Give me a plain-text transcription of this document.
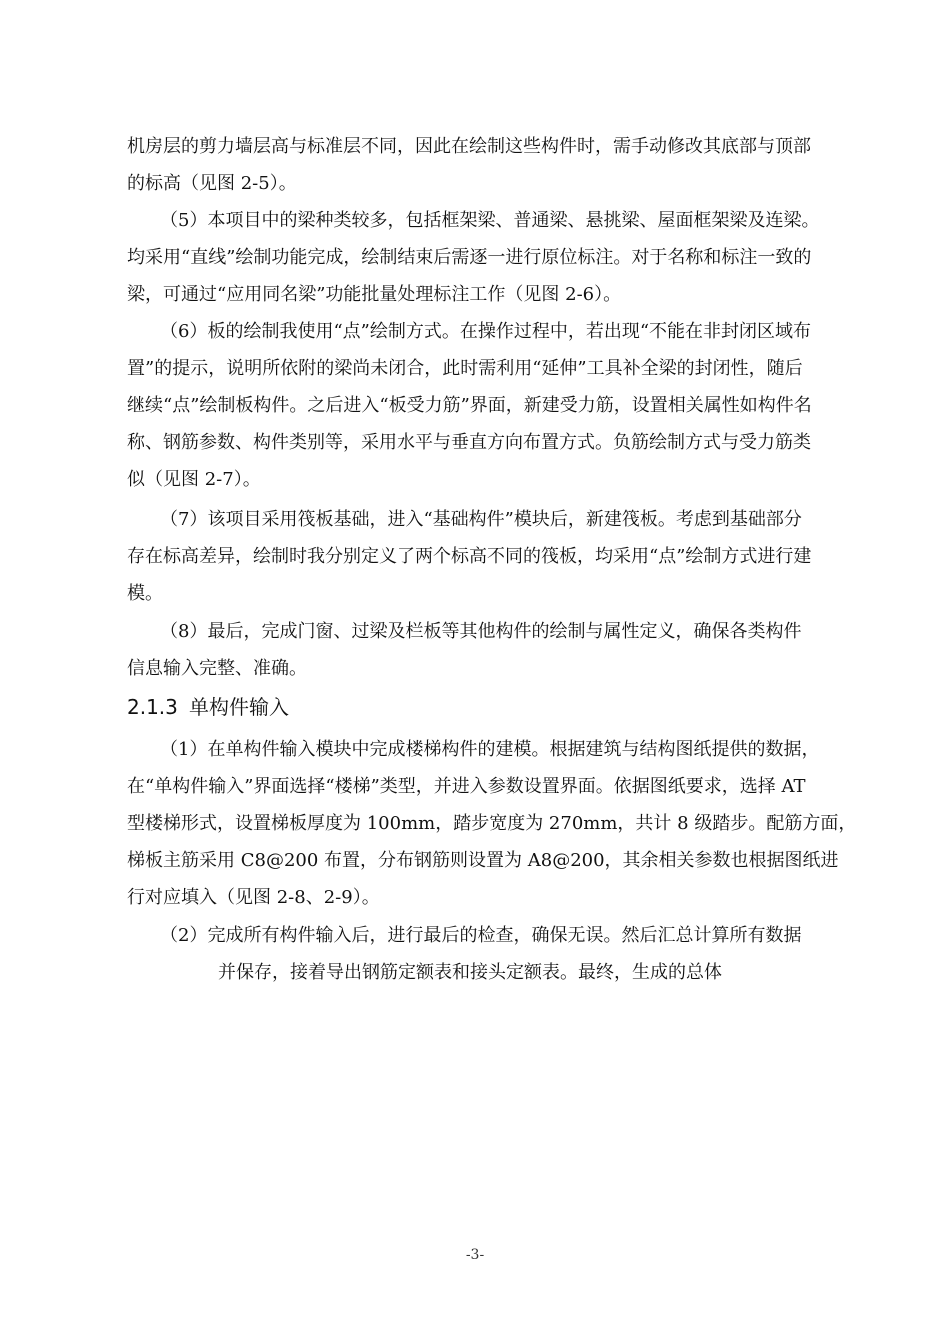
机房层的剪力墙层高与标准层不同，因此在绘制这些构件时，需手动修改其底部与顶部
的标高（见图 2-5）。
（5）本项目中的梁种类较多，包括框架梁、普通梁、悬挑梁、屋面框架梁及连梁。
均采用“直线”绘制功能完成，绘制结束后需逐一进行原位标注。对于名称和标注一致的
梁，可通过“应用同名梁”功能批量处理标注工作（见图 2-6）。
（6）板的绘制我使用“点”绘制方式。在操作过程中，若出现“不能在非封闭区域布
置”的提示，说明所依附的梁尚未闭合，此时需利用“延伸”工具补全梁的封闭性，随后
继续“点”绘制板构件。之后进入“板受力筋”界面，新建受力筋，设置相关属性如构件名
称、钢筋参数、构件类别等，采用水平与垂直方向布置方式。负筋绘制方式与受力筋类
似（见图 2-7）。
（7）该项目采用筏板基础，进入“基础构件”模块后，新建筏板。考虑到基础部分
存在标高差异，绘制时我分别定义了两个标高不同的筏板，均采用“点”绘制方式进行建
模。
（8）最后，完成门窗、过梁及栏板等其他构件的绘制与属性定义，确保各类构件
信息输入完整、准确。
2.1.3 单构件输入
（1）在单构件输入模块中完成楼梯构件的建模。根据建筑与结构图纸提供的数据，
在“单构件输入”界面选择“楼梯”类型，并进入参数设置界面。依据图纸要求，选择 AT
型楼梯形式，设置梯板厚度为 100mm，踏步宽度为 270mm，共计 8 级踏步。配筋方面，
梯板主筋采用 C8@200 布置，分布钢筋则设置为 A8@200，其余相关参数也根据图纸进
行对应填入（见图 2-8、2-9）。
（2）完成所有构件输入后，进行最后的检查，确保无误。然后汇总计算所有数据
并保存，接着导出钢筋定额表和接头定额表。最终，生成的总体
-3-
